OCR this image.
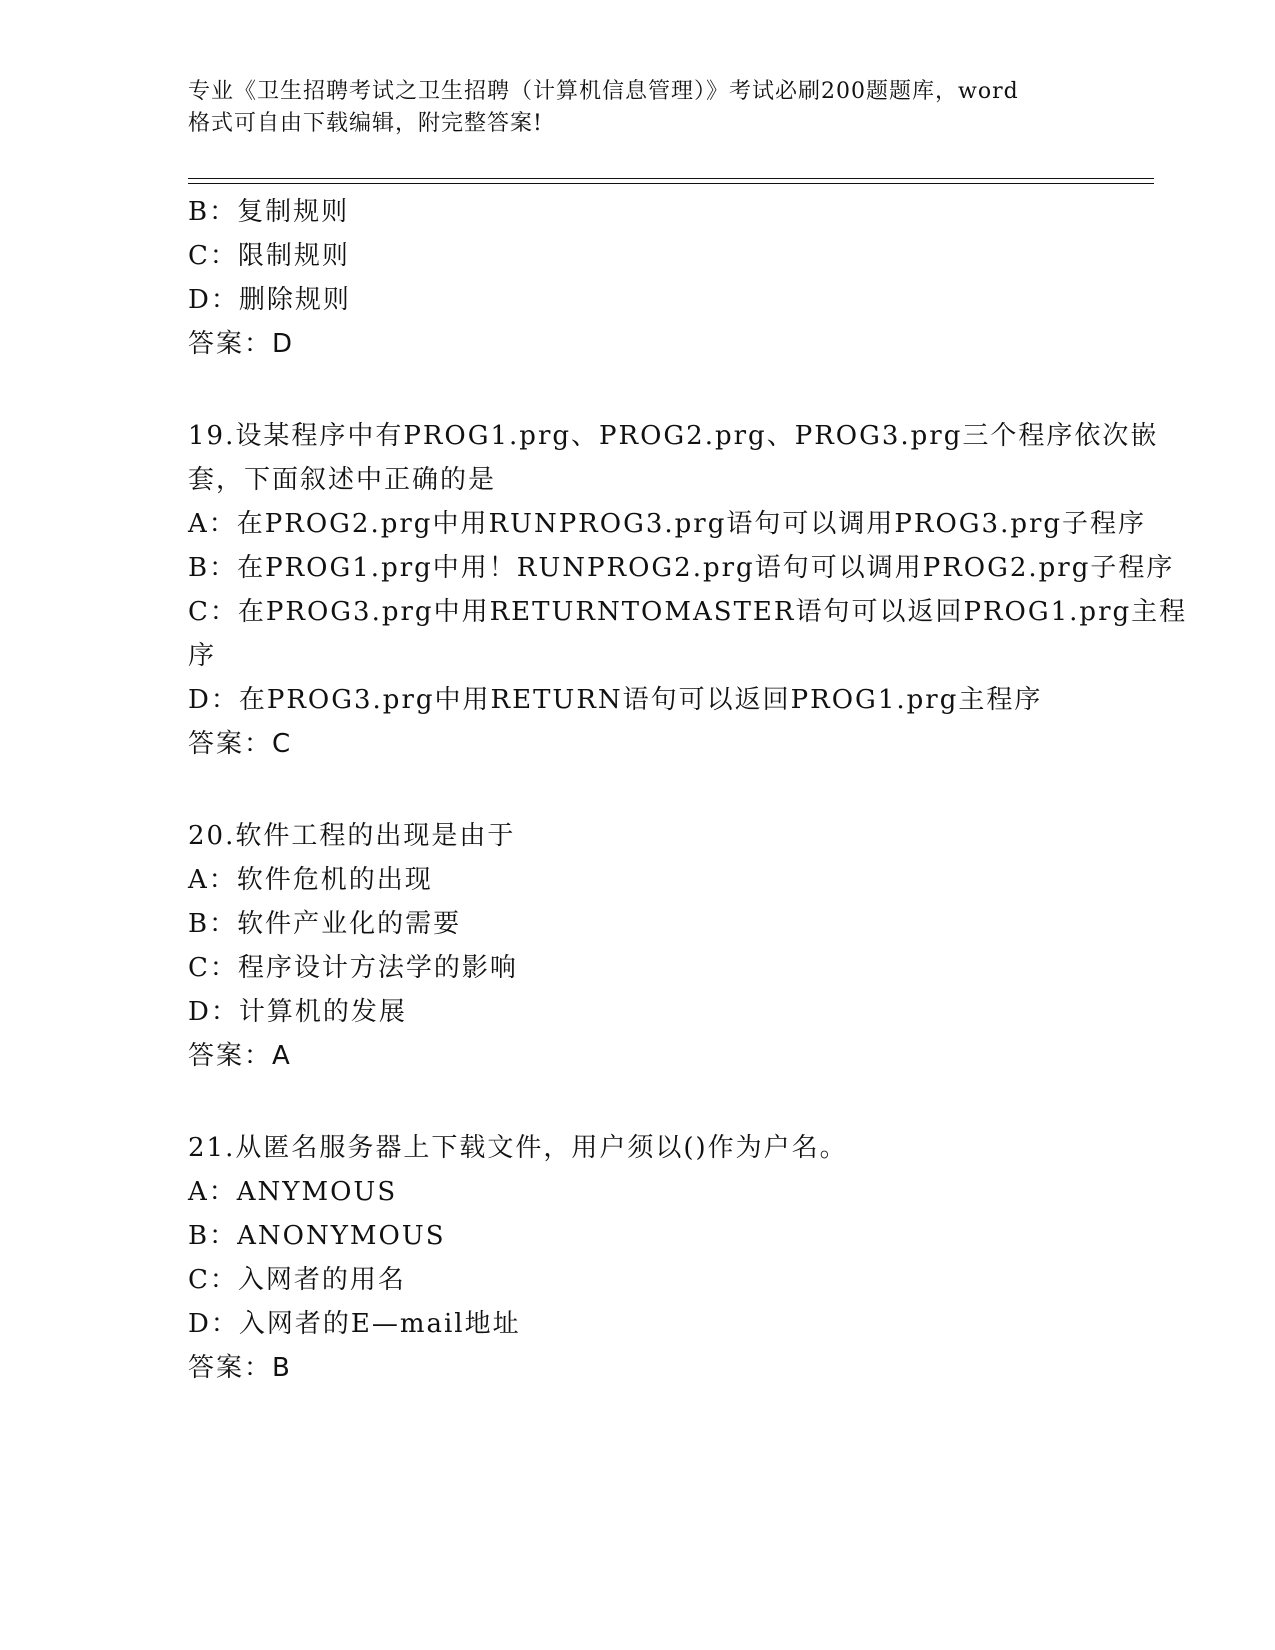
专业《卫生招聘考试之卫生招聘（计算机信息管理）》考试必刷200题题库，word
格式可自由下载编辑，附完整答案!
B：复制规则
C：限制规则
D：删除规则
答案：D
19.设某程序中有PROG1.prg、PROG2.prg、PROG3.prg三个程序依次嵌
套，下面叙述中正确的是
A：在PROG2.prg中用RUNPROG3.prg语句可以调用PROG3.prg子程序
B：在PROG1.prg中用！RUNPROG2.prg语句可以调用PROG2.prg子程序
C：在PROG3.prg中用RETURNTOMASTER语句可以返回PROG1.prg主程
序
D：在PROG3.prg中用RETURN语句可以返回PROG1.prg主程序
答案：C
20.软件工程的出现是由于
A：软件危机的出现
B：软件产业化的需要
C：程序设计方法学的影响
D：计算机的发展
答案：A
21.从匿名服务器上下载文件，用户须以()作为户名。
A：ANYMOUS
B：ANONYMOUS
C：入网者的用名
D：入网者的E—mail地址
答案：B
